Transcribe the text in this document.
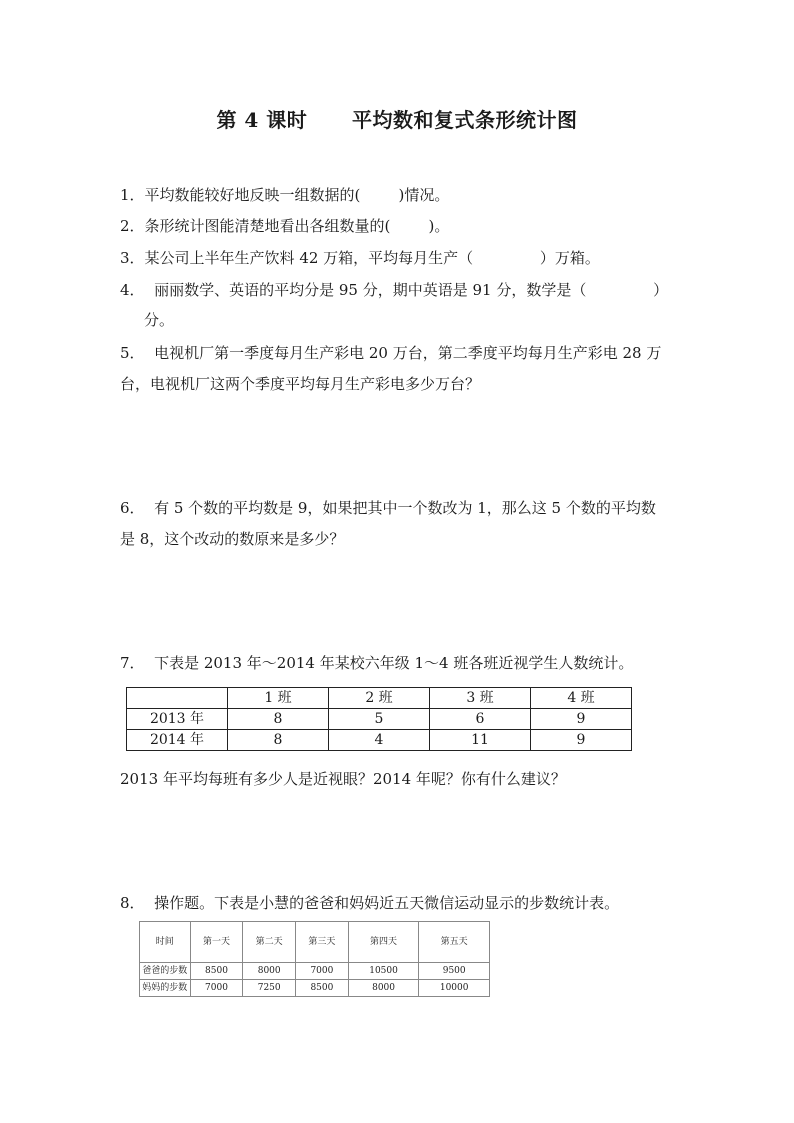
第 4 课时      平均数和复式条形统计图
1．平均数能较好地反映一组数据的(        )情况。
2．条形统计图能清楚地看出各组数量的(        )。
3．某公司上半年生产饮料 42 万箱，平均每月生产（              ）万箱。
4．  丽丽数学、英语的平均分是 95 分，期中英语是 91 分，数学是（              ）
分。
5．  电视机厂第一季度每月生产彩电 20 万台，第二季度平均每月生产彩电 28 万
台，电视机厂这两个季度平均每月生产彩电多少万台？
6．  有 5 个数的平均数是 9，如果把其中一个数改为 1，那么这 5 个数的平均数
是 8，这个改动的数原来是多少？
7．  下表是 2013 年～2014 年某校六年级 1～4 班各班近视学生人数统计。
	1 班	2 班	3 班	4 班
2013 年	8	5	6	9
2014 年	8	4	11	9
2013 年平均每班有多少人是近视眼？2014 年呢？你有什么建议？
8．  操作题。下表是小慧的爸爸和妈妈近五天微信运动显示的步数统计表。
时间	第一天	第二天	第三天	第四天	第五天
爸爸的步数	8500	8000	7000	10500	9500
妈妈的步数	7000	7250	8500	8000	10000
